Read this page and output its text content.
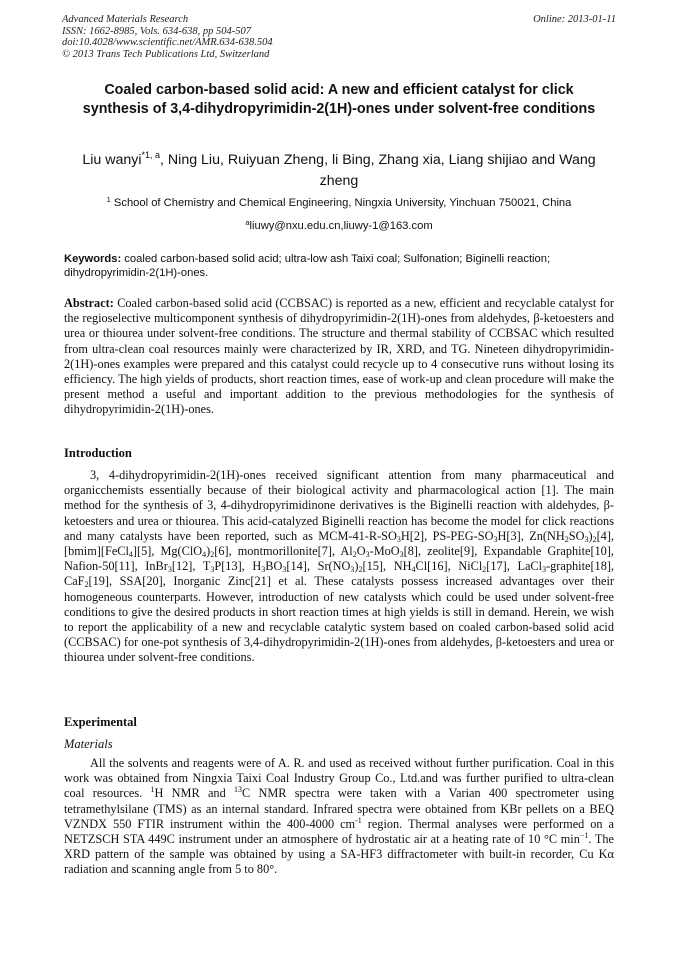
Advanced Materials Research
ISSN: 1662-8985, Vols. 634-638, pp 504-507
doi:10.4028/www.scientific.net/AMR.634-638.504
© 2013 Trans Tech Publications Ltd, Switzerland
Online: 2013-01-11
Coaled carbon-based solid acid: A new and efficient catalyst for click synthesis of 3,4-dihydropyrimidin-2(1H)-ones under solvent-free conditions
Liu wanyi$^{*1, a}$, Ning Liu, Ruiyuan Zheng, li Bing, Zhang xia, Liang shijiao and Wang zheng
$^1$ School of Chemistry and Chemical Engineering, Ningxia University, Yinchuan 750021, China
$^a$liuwy@nxu.edu.cn,liuwy-1@163.com
Keywords: coaled carbon-based solid acid; ultra-low ash Taixi coal; Sulfonation; Biginelli reaction; dihydropyrimidin-2(1H)-ones.
Abstract: Coaled carbon-based solid acid (CCBSAC) is reported as a new, efficient and recyclable catalyst for the regioselective multicomponent synthesis of dihydropyrimidin-2(1H)-ones from aldehydes, β-ketoesters and urea or thiourea under solvent-free conditions. The structure and thermal stability of CCBSAC which resulted from ultra-clean coal resources mainly were characterized by IR, XRD, and TG. Nineteen dihydropyrimidin-2(1H)-ones examples were prepared and this catalyst could recycle up to 4 consecutive runs without losing its efficiency. The high yields of products, short reaction times, ease of work-up and clean procedure will make the present method a useful and important addition to the previous methodologies for the synthesis of dihydropyrimidin-2(1H)-ones.
Introduction

3, 4-dihydropyrimidin-2(1H)-ones received significant attention from many pharmaceutical and organicchemists essentially because of their biological activity and pharmacological action [1]. The main method for the synthesis of 3, 4-dihydropyrimidinone derivatives is the Biginelli reaction with aldehydes, β-ketoesters and urea or thiourea. This acid-catalyzed Biginelli reaction has become the model for click reactions and many catalysts have been reported, such as MCM-$41-R-SO_3H[2]$, $PS-PEG-SO_3H[3]$, $Zn(NH_2SO_3)_2[4]$, [bmim][FeCl$_4$][5], $Mg(ClO_4)_2[6]$, montmorillonite[7], $Al_2O_3-MoO_3[8]$, zeolite[9], Expandable Graphite[10], Nafion-50[11], InBr$_3$[12], $T_3P[13]$, $H_3BO_3[14]$, $Sr(NO_3)_2[15]$, $NH_4Cl[16]$, NiCl$_2$[17], LaCl$_3$-graphite[18], CaF$_2$[19], SSA[20], Inorganic Zinc[21] et al. These catalysts possess increased advantages over their homogeneous counterparts. However, introduction of new catalysts which could be used under solvent-free conditions to give the desired products in short reaction times at high yields is still in demand. Herein, we wish to report the applicability of a new and recyclable catalytic system based on coaled carbon-based solid acid (CCBSAC) for one-pot synthesis of 3,4-dihydropyrimidin-2(1H)-ones from aldehydes, β-ketoesters and urea or thiourea under solvent-free conditions.

Experimental
Materials

All the solvents and reagents were of A. R. and used as received without further purification. Coal in this work was obtained from Ningxia Taixi Coal Industry Group Co., Ltd.and was further purified to ultra-clean coal resources. $^1$H NMR and $^{13}$C NMR spectra were taken with a Varian 400 spectrometer using tetramethylsilane (TMS) as an internal standard. Infrared spectra were obtained from KBr pellets on a BEQ VZNDX 550 FTIR instrument within the 400-4000 $cm^{-1}$ region. Thermal analyses were performed on a NETZSCH STA 449C instrument under an atmosphere of hydrostatic air at a heating rate of 10 °C $\min^{-1}$. The XRD pattern of the sample was obtained by using a SA-HF3 diffractometer with built-in recorder, Cu Kα radiation and scanning angle from 5 to 80°.
